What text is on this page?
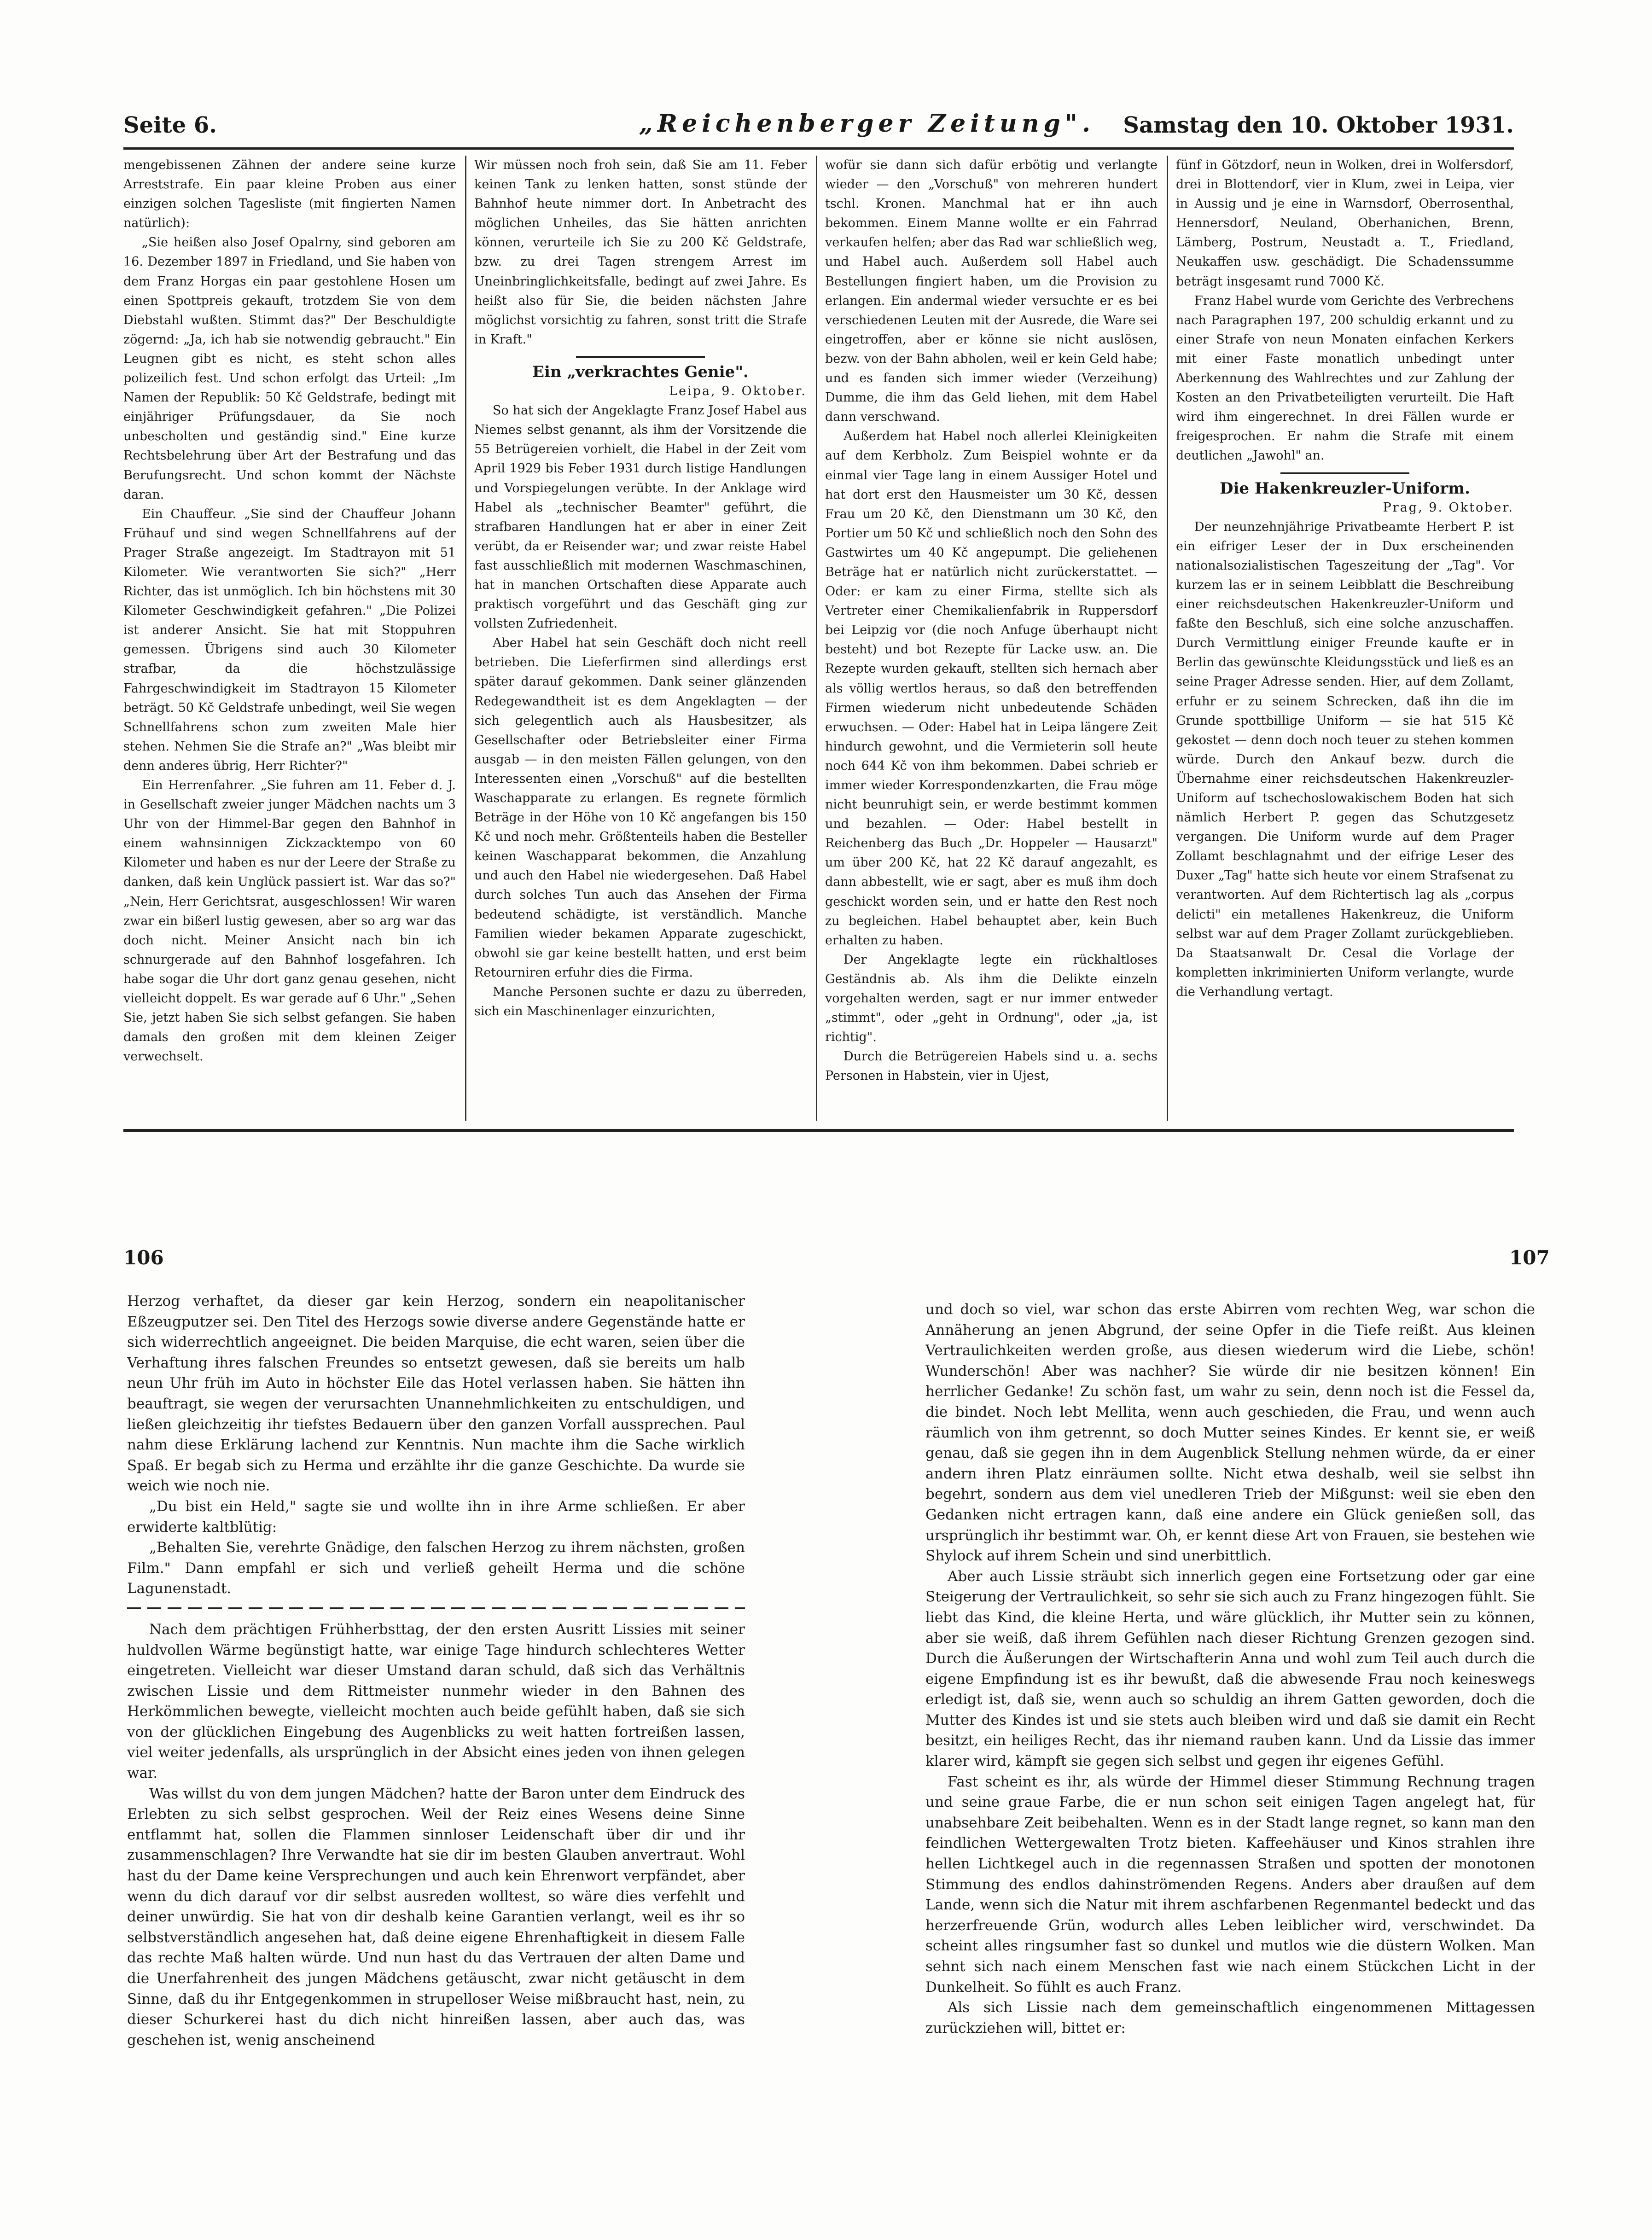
Seite 6.	„Reichenberger Zeitung". Samstag den 10. Oktober 1931.

mengebissenen Zähnen der andere seine kurze Arreststrafe. Ein paar kleine Proben aus einer einzigen solchen Tagesliste (mit fingierten Namen natürlich):

„Sie heißen also Josef Opalrny, sind geboren am 16. Dezember 1897 in Friedland, und Sie haben von dem Franz Horgas ein paar gestohlene Hosen um einen Spottpreis gekauft, trotzdem Sie von dem Diebstahl wußten. Stimmt das?" Der Beschuldigte zögernd: „Ja, ich hab sie notwendig gebraucht." Ein Leugnen gibt es nicht, es steht schon alles polizeilich fest. Und schon erfolgt das Urteil: „Im Namen der Republik: 50 Kč Geldstrafe, bedingt mit einjähriger Prüfungsdauer, da Sie noch unbescholten und geständig sind." Eine kurze Rechtsbelehrung über Art der Bestrafung und das Berufungsrecht. Und schon kommt der Nächste daran.

Ein Chauffeur. „Sie sind der Chauffeur Johann Frühauf und sind wegen Schnellfahrens auf der Prager Straße angezeigt. Im Stadtrayon mit 51 Kilometer. Wie verantworten Sie sich?" „Herr Richter, das ist unmöglich. Ich bin höchstens mit 30 Kilometer Geschwindigkeit gefahren." „Die Polizei ist anderer Ansicht. Sie hat mit Stoppuhren gemessen. Übrigens sind auch 30 Kilometer strafbar, da die höchstzulässige Fahrgeschwindigkeit im Stadtrayon 15 Kilometer beträgt. 50 Kč Geldstrafe unbedingt, weil Sie wegen Schnellfahrens schon zum zweiten Male hier stehen. Nehmen Sie die Strafe an?" „Was bleibt mir denn anderes übrig, Herr Richter?"

Ein Herrenfahrer. „Sie fuhren am 11. Feber d. J. in Gesellschaft zweier junger Mädchen nachts um 3 Uhr von der Himmel-Bar gegen den Bahnhof in einem wahnsinnigen Zickzacktempo von 60 Kilometer und haben es nur der Leere der Straße zu danken, daß kein Unglück passiert ist. War das so?" „Nein, Herr Gerichtsrat, ausgeschlossen! Wir waren zwar ein bißerl lustig gewesen, aber so arg war das doch nicht. Meiner Ansicht nach bin ich schnurgerade auf den Bahnhof losgefahren. Ich habe sogar die Uhr dort ganz genau gesehen, nicht vielleicht doppelt. Es war gerade auf 6 Uhr." „Sehen Sie, jetzt haben Sie sich selbst gefangen. Sie haben damals den großen mit dem kleinen Zeiger verwechselt.

Wir müssen noch froh sein, daß Sie am 11. Feber keinen Tank zu lenken hatten, sonst stünde der Bahnhof heute nimmer dort. In Anbetracht des möglichen Unheiles, das Sie hätten anrichten können, verurteile ich Sie zu 200 Kč Geldstrafe, bzw. zu drei Tagen strengem Arrest im Uneinbringlichkeitsfalle, bedingt auf zwei Jahre. Es heißt also für Sie, die beiden nächsten Jahre möglichst vorsichtig zu fahren, sonst tritt die Strafe in Kraft."

Ein „verkrachtes Genie".

Leipa, 9. Oktober.

So hat sich der Angeklagte Franz Josef Habel aus Niemes selbst genannt, als ihm der Vorsitzende die 55 Betrügereien vorhielt, die Habel in der Zeit vom April 1929 bis Feber 1931 durch listige Handlungen und Vorspiegelungen verübte. In der Anklage wird Habel als „technischer Beamter" geführt, die strafbaren Handlungen hat er aber in einer Zeit verübt, da er Reisender war; und zwar reiste Habel fast ausschließlich mit modernen Waschmaschinen, hat in manchen Ortschaften diese Apparate auch praktisch vorgeführt und das Geschäft ging zur vollsten Zufriedenheit.

Aber Habel hat sein Geschäft doch nicht reell betrieben. Die Lieferfirmen sind allerdings erst später darauf gekommen. Dank seiner glänzenden Redegewandtheit ist es dem Angeklagten — der sich gelegentlich auch als Hausbesitzer, als Gesellschafter oder Betriebsleiter einer Firma ausgab — in den meisten Fällen gelungen, von den Interessenten einen „Vorschuß" auf die bestellten Waschapparate zu erlangen. Es regnete förmlich Beträge in der Höhe von 10 Kč angefangen bis 150 Kč und noch mehr. Größtenteils haben die Besteller keinen Waschapparat bekommen, die Anzahlung und auch den Habel nie wiedergesehen. Daß Habel durch solches Tun auch das Ansehen der Firma bedeutend schädigte, ist verständlich. Manche Familien wieder bekamen Apparate zugeschickt, obwohl sie gar keine bestellt hatten, und erst beim Retourniren erfuhr dies die Firma.

Manche Personen suchte er dazu zu überreden, sich ein Maschinenlager einzurichten,

wofür sie dann sich dafür erbötig und verlangte wieder — den „Vorschuß" von mehreren hundert tschl. Kronen. Manchmal hat er ihn auch bekommen. Einem Manne wollte er ein Fahrrad verkaufen helfen; aber das Rad war schließlich weg, und Habel auch. Außerdem soll Habel auch Bestellungen fingiert haben, um die Provision zu erlangen. Ein andermal wieder versuchte er es bei verschiedenen Leuten mit der Ausrede, die Ware sei eingetroffen, aber er könne sie nicht auslösen, bezw. von der Bahn abholen, weil er kein Geld habe; und es fanden sich immer wieder (Verzeihung) Dumme, die ihm das Geld liehen, mit dem Habel dann verschwand.

Außerdem hat Habel noch allerlei Kleinigkeiten auf dem Kerbholz. Zum Beispiel wohnte er da einmal vier Tage lang in einem Aussiger Hotel und hat dort erst den Hausmeister um 30 Kč, dessen Frau um 20 Kč, den Dienstmann um 30 Kč, den Portier um 50 Kč und schließlich noch den Sohn des Gastwirtes um 40 Kč angepumpt. Die geliehenen Beträge hat er natürlich nicht zurückerstattet. — Oder: er kam zu einer Firma, stellte sich als Vertreter einer Chemikalienfabrik in Ruppersdorf bei Leipzig vor (die noch Anfuge überhaupt nicht besteht) und bot Rezepte für Lacke usw. an. Die Rezepte wurden gekauft, stellten sich hernach aber als völlig wertlos heraus, so daß den betreffenden Firmen wiederum nicht unbedeutende Schäden erwuchsen. — Oder: Habel hat in Leipa längere Zeit hindurch gewohnt, und die Vermieterin soll heute noch 644 Kč von ihm bekommen. Dabei schrieb er immer wieder Korrespondenzkarten, die Frau möge nicht beunruhigt sein, er werde bestimmt kommen und bezahlen. — Oder: Habel bestellt in Reichenberg das Buch „Dr. Hoppeler — Hausarzt" um über 200 Kč, hat 22 Kč darauf angezahlt, es dann abbestellt, wie er sagt, aber es muß ihm doch geschickt worden sein, und er hatte den Rest noch zu begleichen. Habel behauptet aber, kein Buch erhalten zu haben.

Der Angeklagte legte ein rückhaltloses Geständnis ab. Als ihm die Delikte einzeln vorgehalten werden, sagt er nur immer entweder „stimmt", oder „geht in Ordnung", oder „ja, ist richtig".

Durch die Betrügereien Habels sind u. a. sechs Personen in Habstein, vier in Ujest,

fünf in Götzdorf, neun in Wolken, drei in Wolfersdorf, drei in Blottendorf, vier in Klum, zwei in Leipa, vier in Aussig und je eine in Warnsdorf, Oberrosenthal, Hennersdorf, Neuland, Oberhanichen, Brenn, Lämberg, Postrum, Neustadt a. T., Friedland, Neukaffen usw. geschädigt. Die Schadenssumme beträgt insgesamt rund 7000 Kč.

Franz Habel wurde vom Gerichte des Verbrechens nach Paragraphen 197, 200 schuldig erkannt und zu einer Strafe von neun Monaten einfachen Kerkers mit einer Faste monatlich unbedingt unter Aberkennung des Wahlrechtes und zur Zahlung der Kosten an den Privatbeteiligten verurteilt. Die Haft wird ihm eingerechnet. In drei Fällen wurde er freigesprochen. Er nahm die Strafe mit einem deutlichen „Jawohl" an.

Die Hakenkreuzler-Uniform.

Prag, 9. Oktober.

Der neunzehnjährige Privatbeamte Herbert P. ist ein eifriger Leser der in Dux erscheinenden nationalsozialistischen Tageszeitung der „Tag". Vor kurzem las er in seinem Leibblatt die Beschreibung einer reichsdeutschen Hakenkreuzler-Uniform und faßte den Beschluß, sich eine solche anzuschaffen. Durch Vermittlung einiger Freunde kaufte er in Berlin das gewünschte Kleidungsstück und ließ es an seine Prager Adresse senden. Hier, auf dem Zollamt, erfuhr er zu seinem Schrecken, daß ihn die im Grunde spottbillige Uniform — sie hat 515 Kč gekostet — denn doch noch teuer zu stehen kommen würde. Durch den Ankauf bezw. durch die Übernahme einer reichsdeutschen Hakenkreuzler-Uniform auf tschechoslowakischem Boden hat sich nämlich Herbert P. gegen das Schutzgesetz vergangen. Die Uniform wurde auf dem Prager Zollamt beschlagnahmt und der eifrige Leser des Duxer „Tag" hatte sich heute vor einem Strafsenat zu verantworten. Auf dem Richtertisch lag als „corpus delicti" ein metallenes Hakenkreuz, die Uniform selbst war auf dem Prager Zollamt zurückgeblieben. Da Staatsanwalt Dr. Cesal die Vorlage der kompletten inkriminierten Uniform verlangte, wurde die Verhandlung vertagt.

106	107

Herzog verhaftet, da dieser gar kein Herzog, sondern ein neapolitanischer Eßzeugputzer sei. Den Titel des Herzogs sowie diverse andere Gegenstände hatte er sich widerrechtlich angeeignet. Die beiden Marquise, die echt waren, seien über die Verhaftung ihres falschen Freundes so entsetzt gewesen, daß sie bereits um halb neun Uhr früh im Auto in höchster Eile das Hotel verlassen haben. Sie hätten ihn beauftragt, sie wegen der verursachten Unannehmlichkeiten zu entschuldigen, und ließen gleichzeitig ihr tiefstes Bedauern über den ganzen Vorfall aussprechen. Paul nahm diese Erklärung lachend zur Kenntnis. Nun machte ihm die Sache wirklich Spaß. Er begab sich zu Herma und erzählte ihr die ganze Geschichte. Da wurde sie weich wie noch nie.

„Du bist ein Held," sagte sie und wollte ihn in ihre Arme schließen. Er aber erwiderte kaltblütig:

„Behalten Sie, verehrte Gnädige, den falschen Herzog zu ihrem nächsten, großen Film." Dann empfahl er sich und verließ geheilt Herma und die schöne Lagunenstadt.

Nach dem prächtigen Frühherbsttag, der den ersten Ausritt Lissies mit seiner huldvollen Wärme begünstigt hatte, war einige Tage hindurch schlechteres Wetter eingetreten. Vielleicht war dieser Umstand daran schuld, daß sich das Verhältnis zwischen Lissie und dem Rittmeister nunmehr wieder in den Bahnen des Herkömmlichen bewegte, vielleicht mochten auch beide gefühlt haben, daß sie sich von der glücklichen Eingebung des Augenblicks zu weit hatten fortreißen lassen, viel weiter jedenfalls, als ursprünglich in der Absicht eines jeden von ihnen gelegen war.

Was willst du von dem jungen Mädchen? hatte der Baron unter dem Eindruck des Erlebten zu sich selbst gesprochen. Weil der Reiz eines Wesens deine Sinne entflammt hat, sollen die Flammen sinnloser Leidenschaft über dir und ihr zusammenschlagen? Ihre Verwandte hat sie dir im besten Glauben anvertraut. Wohl hast du der Dame keine Versprechungen und auch kein Ehrenwort verpfändet, aber wenn du dich darauf vor dir selbst ausreden wolltest, so wäre dies verfehlt und deiner unwürdig. Sie hat von dir deshalb keine Garantien verlangt, weil es ihr so selbstverständlich angesehen hat, daß deine eigene Ehrenhaftigkeit in diesem Falle das rechte Maß halten würde. Und nun hast du das Vertrauen der alten Dame und die Unerfahrenheit des jungen Mädchens getäuscht, zwar nicht getäuscht in dem Sinne, daß du ihr Entgegenkommen in strupelloser Weise mißbraucht hast, nein, zu dieser Schurkerei hast du dich nicht hinreißen lassen, aber auch das, was geschehen ist, wenig anscheinend

und doch so viel, war schon das erste Abirren vom rechten Weg, war schon die Annäherung an jenen Abgrund, der seine Opfer in die Tiefe reißt. Aus kleinen Vertraulichkeiten werden große, aus diesen wiederum wird die Liebe, schön! Wunderschön! Aber was nachher? Sie würde dir nie besitzen können! Ein herrlicher Gedanke! Zu schön fast, um wahr zu sein, denn noch ist die Fessel da, die bindet. Noch lebt Mellita, wenn auch geschieden, die Frau, und wenn auch räumlich von ihm getrennt, so doch Mutter seines Kindes. Er kennt sie, er weiß genau, daß sie gegen ihn in dem Augenblick Stellung nehmen würde, da er einer andern ihren Platz einräumen sollte. Nicht etwa deshalb, weil sie selbst ihn begehrt, sondern aus dem viel unedleren Trieb der Mißgunst: weil sie eben den Gedanken nicht ertragen kann, daß eine andere ein Glück genießen soll, das ursprünglich ihr bestimmt war. Oh, er kennt diese Art von Frauen, sie bestehen wie Shylock auf ihrem Schein und sind unerbittlich.

Aber auch Lissie sträubt sich innerlich gegen eine Fortsetzung oder gar eine Steigerung der Vertraulichkeit, so sehr sie sich auch zu Franz hingezogen fühlt. Sie liebt das Kind, die kleine Herta, und wäre glücklich, ihr Mutter sein zu können, aber sie weiß, daß ihrem Gefühlen nach dieser Richtung Grenzen gezogen sind. Durch die Äußerungen der Wirtschafterin Anna und wohl zum Teil auch durch die eigene Empfindung ist es ihr bewußt, daß die abwesende Frau noch keineswegs erledigt ist, daß sie, wenn auch so schuldig an ihrem Gatten geworden, doch die Mutter des Kindes ist und sie stets auch bleiben wird und daß sie damit ein Recht besitzt, ein heiliges Recht, das ihr niemand rauben kann. Und da Lissie das immer klarer wird, kämpft sie gegen sich selbst und gegen ihr eigenes Gefühl.

Fast scheint es ihr, als würde der Himmel dieser Stimmung Rechnung tragen und seine graue Farbe, die er nun schon seit einigen Tagen angelegt hat, für unabsehbare Zeit beibehalten. Wenn es in der Stadt lange regnet, so kann man den feindlichen Wettergewalten Trotz bieten. Kaffeehäuser und Kinos strahlen ihre hellen Lichtkegel auch in die regennassen Straßen und spotten der monotonen Stimmung des endlos dahinströmenden Regens. Anders aber draußen auf dem Lande, wenn sich die Natur mit ihrem aschfarbenen Regenmantel bedeckt und das herzerfreuende Grün, wodurch alles Leben leiblicher wird, verschwindet. Da scheint alles ringsumher fast so dunkel und mutlos wie die düstern Wolken. Man sehnt sich nach einem Menschen fast wie nach einem Stückchen Licht in der Dunkelheit. So fühlt es auch Franz.

Als sich Lissie nach dem gemeinschaftlich eingenommenen Mittagessen zurückziehen will, bittet er:
